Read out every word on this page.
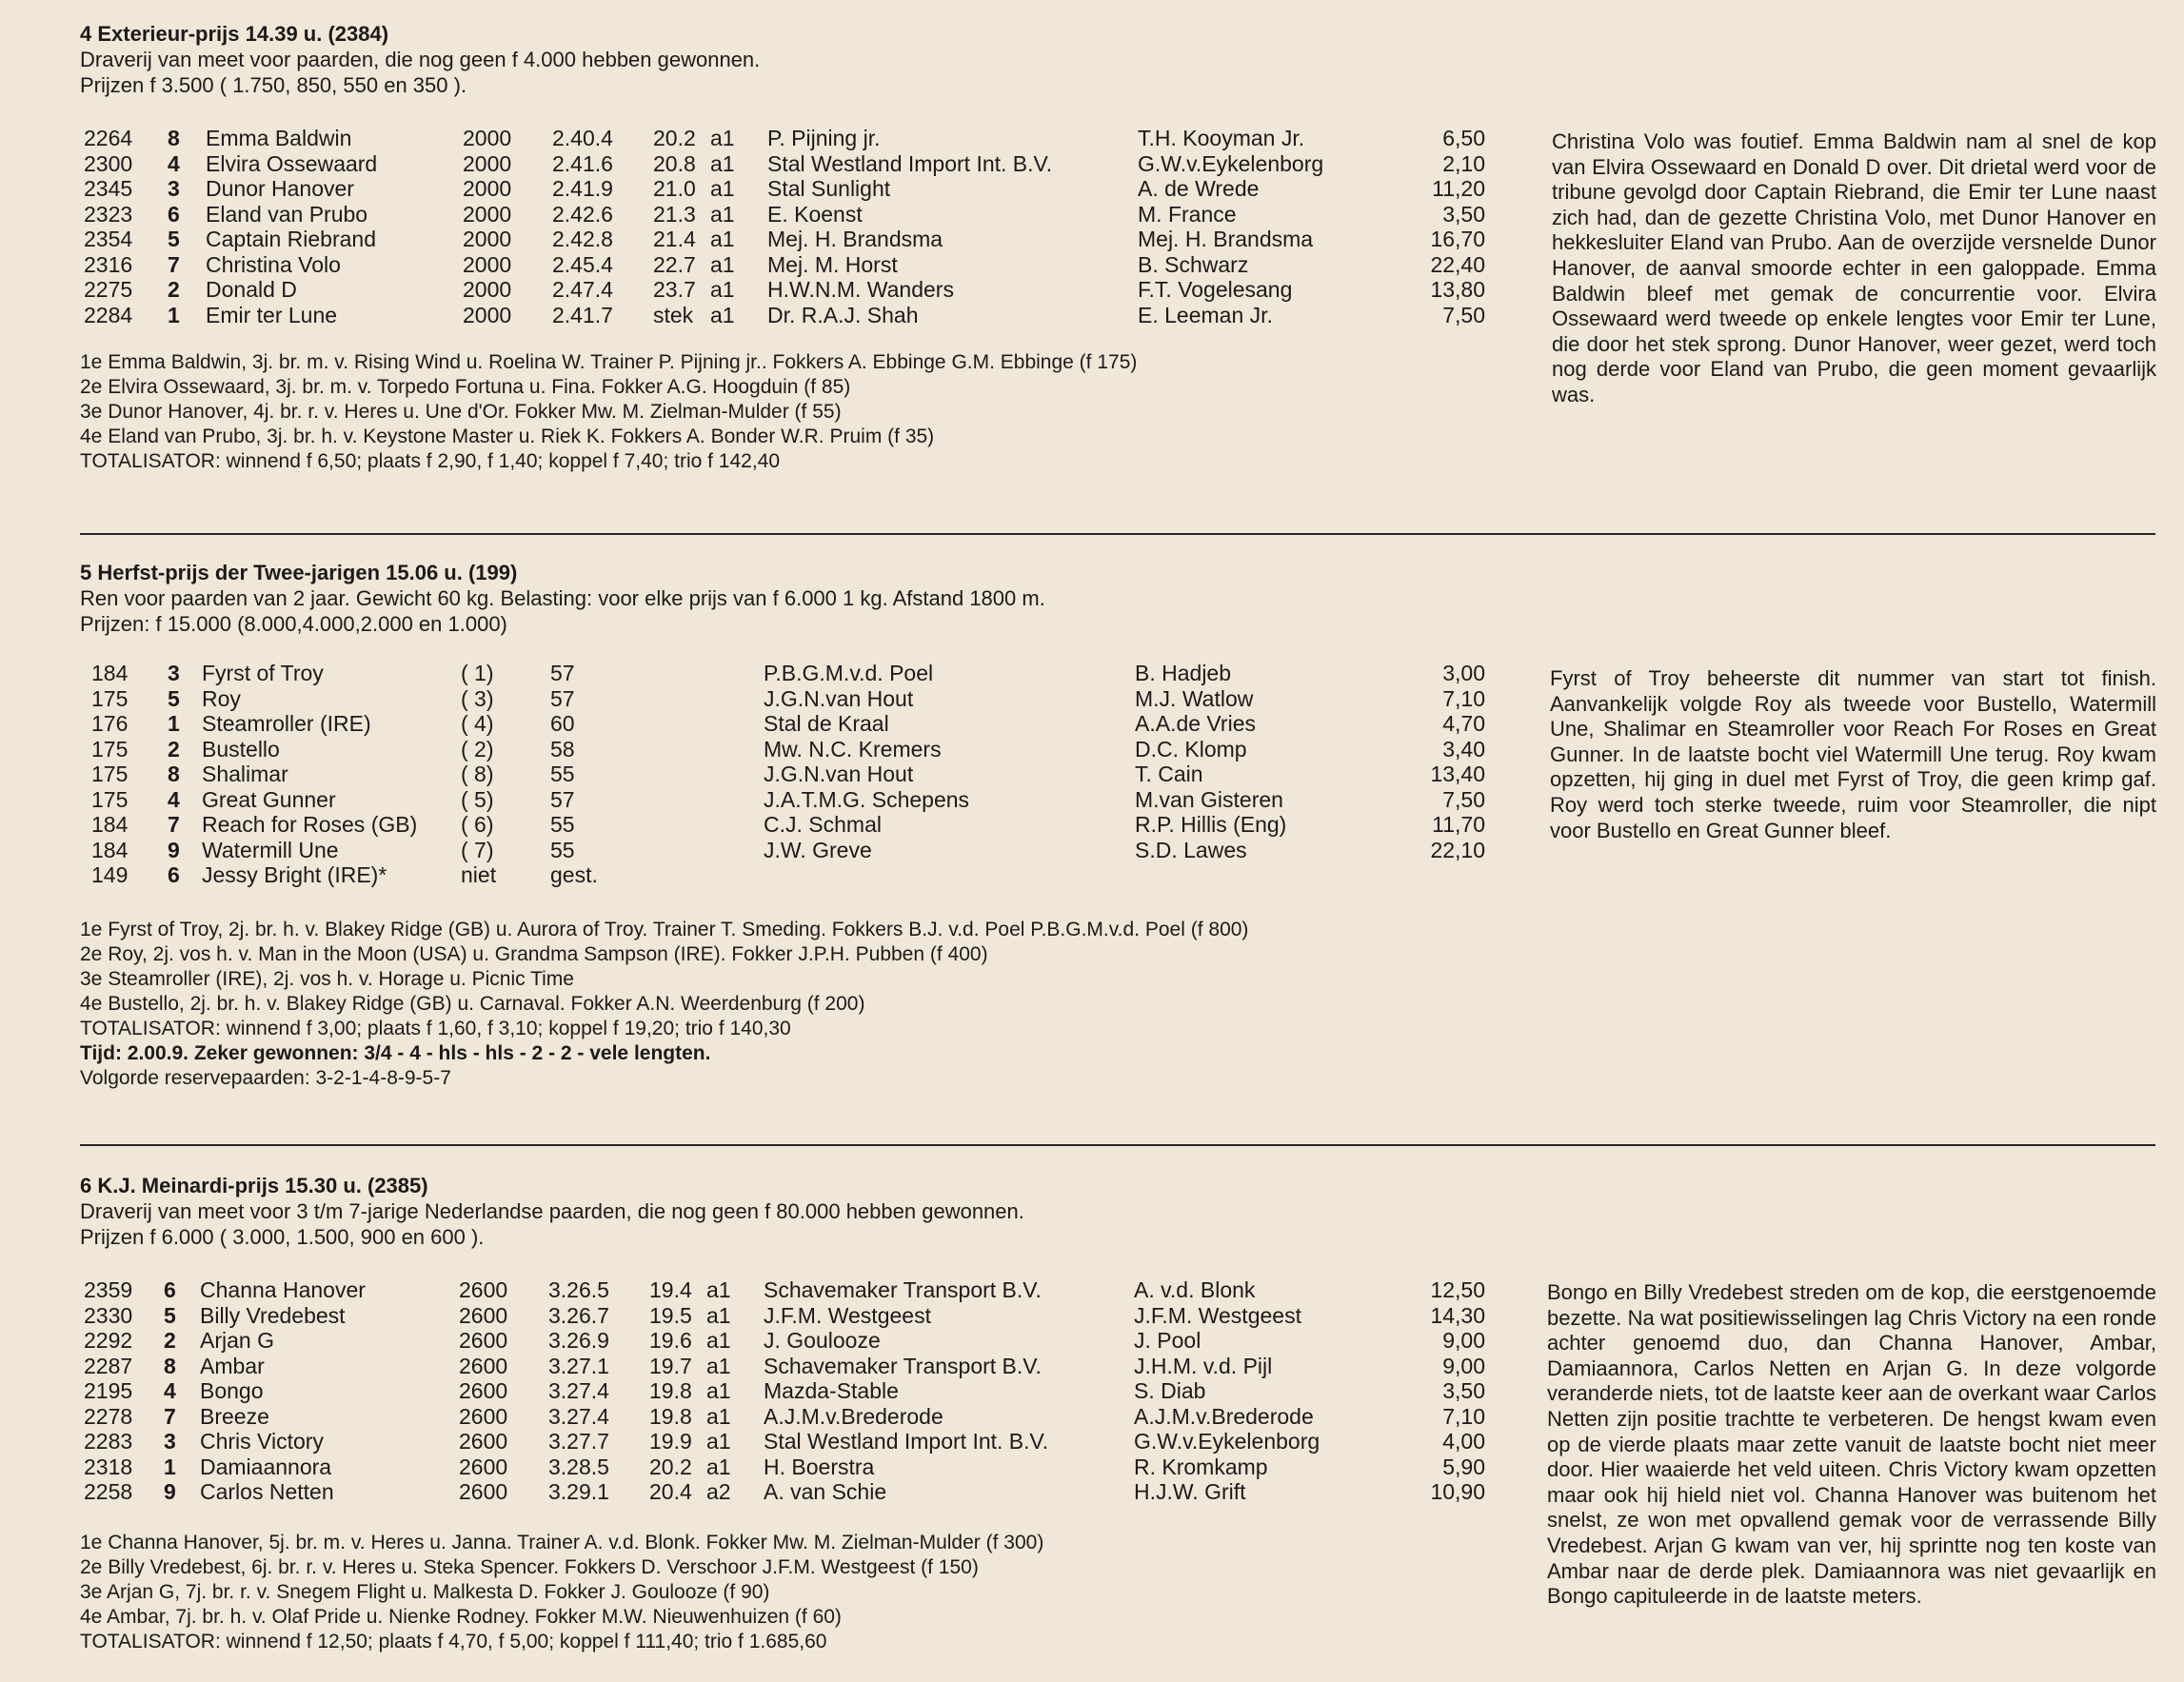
4 Exterieur-prijs 14.39 u. (2384)
Draverij van meet voor paarden, die nog geen f 4.000 hebben gewonnen.
Prijzen f 3.500 ( 1.750, 850, 550 en 350 ).
2264 8 Emma Baldwin	2000 2.40.4 20.2 a1 P. Pijning jr.	T.H. Kooyman Jr.	6,50
2300 4 Elvira Ossewaard	2000 2.41.6 20.8 a1 Stal Westland Import Int. B.V.	G.W.v.Eykelenborg	2,10
2345 3 Dunor Hanover	2000 2.41.9 21.0 a1 Stal Sunlight	A. de Wrede	11,20
2323 6 Eland van Prubo	2000 2.42.6 21.3 a1 E. Koenst	M. France	3,50
2354 5 Captain Riebrand	2000 2.42.8 21.4 a1 Mej. H. Brandsma	Mej. H. Brandsma	16,70
2316 7 Christina Volo	2000 2.45.4 22.7 a1 Mej. M. Horst	B. Schwarz	22,40
2275 2 Donald D	2000 2.47.4 23.7 a1 H.W.N.M. Wanders	F.T. Vogelesang	13,80
2284 1 Emir ter Lune	2000 2.41.7 stek a1 Dr. R.A.J. Shah	E. Leeman Jr.	7,50
1e Emma Baldwin, 3j. br. m. v. Rising Wind u. Roelina W. Trainer P. Pijning jr.. Fokkers A. Ebbinge G.M. Ebbinge (f 175)
2e Elvira Ossewaard, 3j. br. m. v. Torpedo Fortuna u. Fina. Fokker A.G. Hoogduin (f 85)
3e Dunor Hanover, 4j. br. r. v. Heres u. Une d'Or. Fokker Mw. M. Zielman-Mulder (f 55)
4e Eland van Prubo, 3j. br. h. v. Keystone Master u. Riek K. Fokkers A. Bonder W.R. Pruim (f 35)
TOTALISATOR: winnend f 6,50; plaats f 2,90, f 1,40; koppel f 7,40; trio f 142,40
Christina Volo was foutief. Emma Baldwin nam al snel de kop van Elvira Ossewaard en Donald D over. Dit drietal werd voor de tribune gevolgd door Captain Riebrand, die Emir ter Lune naast zich had, dan de gezette Christina Volo, met Dunor Hanover en hekkesluiter Eland van Prubo. Aan de overzijde versnelde Dunor Hanover, de aanval smoorde echter in een galoppade. Emma Baldwin bleef met gemak de concurrentie voor. Elvira Ossewaard werd tweede op enkele lengtes voor Emir ter Lune, die door het stek sprong. Dunor Hanover, weer gezet, werd toch nog derde voor Eland van Prubo, die geen moment gevaarlijk was.
5 Herfst-prijs der Twee-jarigen 15.06 u. (199)
Ren voor paarden van 2 jaar. Gewicht 60 kg. Belasting: voor elke prijs van f 6.000 1 kg. Afstand 1800 m.
Prijzen: f 15.000 (8.000,4.000,2.000 en 1.000)
184 3 Fyrst of Troy	( 1)	57	P.B.G.M.v.d. Poel	B. Hadjeb	3,00
175 5 Roy	( 3)	57	J.G.N.van Hout	M.J. Watlow	7,10
176 1 Steamroller (IRE)	( 4)	60	Stal de Kraal	A.A.de Vries	4,70
175 2 Bustello	( 2)	58	Mw. N.C. Kremers	D.C. Klomp	3,40
175 8 Shalimar	( 8)	55	J.G.N.van Hout	T. Cain	13,40
175 4 Great Gunner	( 5)	57	J.A.T.M.G. Schepens	M.van Gisteren	7,50
184 7 Reach for Roses (GB) ( 6)	55	C.J. Schmal	R.P. Hillis (Eng)	11,70
184 9 Watermill Une	( 7)	55	J.W. Greve	S.D. Lawes	22,10
149 6 Jessy Bright (IRE)*	niet gest.
1e Fyrst of Troy, 2j. br. h. v. Blakey Ridge (GB) u. Aurora of Troy. Trainer T. Smeding. Fokkers B.J. v.d. Poel P.B.G.M.v.d. Poel (f 800)
2e Roy, 2j. vos h. v. Man in the Moon (USA) u. Grandma Sampson (IRE). Fokker J.P.H. Pubben (f 400)
3e Steamroller (IRE), 2j. vos h. v. Horage u. Picnic Time
4e Bustello, 2j. br. h. v. Blakey Ridge (GB) u. Carnaval. Fokker A.N. Weerdenburg (f 200)
TOTALISATOR: winnend f 3,00; plaats f 1,60, f 3,10; koppel f 19,20; trio f 140,30
Tijd: 2.00.9. Zeker gewonnen: 3/4 - 4 - hls - hls - 2 - 2 - vele lengten.
Volgorde reservepaarden: 3-2-1-4-8-9-5-7
Fyrst of Troy beheerste dit nummer van start tot finish. Aanvankelijk volgde Roy als tweede voor Bustello, Watermill Une, Shalimar en Steamroller voor Reach For Roses en Great Gunner. In de laatste bocht viel Watermill Une terug. Roy kwam opzetten, hij ging in duel met Fyrst of Troy, die geen krimp gaf. Roy werd toch sterke tweede, ruim voor Steamroller, die nipt voor Bustello en Great Gunner bleef.
6 K.J. Meinardi-prijs 15.30 u. (2385)
Draverij van meet voor 3 t/m 7-jarige Nederlandse paarden, die nog geen f 80.000 hebben gewonnen.
Prijzen f 6.000 ( 3.000, 1.500, 900 en 600 ).
2359 6 Channa Hanover	2600 3.26.5 19.4 a1 Schavemaker Transport B.V.	A. v.d. Blonk	12,50
2330 5 Billy Vredebest	2600 3.26.7 19.5 a1 J.F.M. Westgeest	J.F.M. Westgeest	14,30
2292 2 Arjan G	2600 3.26.9 19.6 a1 J. Goulooze	J. Pool	9,00
2287 8 Ambar	2600 3.27.1 19.7 a1 Schavemaker Transport B.V.	J.H.M. v.d. Pijl	9,00
2195 4 Bongo	2600 3.27.4 19.8 a1 Mazda-Stable	S. Diab	3,50
2278 7 Breeze	2600 3.27.4 19.8 a1 A.J.M.v.Brederode	A.J.M.v.Brederode	7,10
2283 3 Chris Victory	2600 3.27.7 19.9 a1 Stal Westland Import Int. B.V.	G.W.v.Eykelenborg	4,00
2318 1 Damiaannora	2600 3.28.5 20.2 a1 H. Boerstra	R. Kromkamp	5,90
2258 9 Carlos Netten	2600 3.29.1 20.4 a2 A. van Schie	H.J.W. Grift	10,90
1e Channa Hanover, 5j. br. m. v. Heres u. Janna. Trainer A. v.d. Blonk. Fokker Mw. M. Zielman-Mulder (f 300)
2e Billy Vredebest, 6j. br. r. v. Heres u. Steka Spencer. Fokkers D. Verschoor J.F.M. Westgeest (f 150)
3e Arjan G, 7j. br. r. v. Snegem Flight u. Malkesta D. Fokker J. Goulooze (f 90)
4e Ambar, 7j. br. h. v. Olaf Pride u. Nienke Rodney. Fokker M.W. Nieuwenhuizen (f 60)
TOTALISATOR: winnend f 12,50; plaats f 4,70, f 5,00; koppel f 111,40; trio f 1.685,60
Bongo en Billy Vredebest streden om de kop, die eerstgenoemde bezette. Na wat positiewisselingen lag Chris Victory na een ronde achter genoemd duo, dan Channa Hanover, Ambar, Damiaannora, Carlos Netten en Arjan G. In deze volgorde veranderde niets, tot de laatste keer aan de overkant waar Carlos Netten zijn positie trachtte te verbeteren. De hengst kwam even op de vierde plaats maar zette vanuit de laatste bocht niet meer door. Hier waaierde het veld uiteen. Chris Victory kwam opzetten maar ook hij hield niet vol. Channa Hanover was buitenom het snelst, ze won met opvallend gemak voor de verrassende Billy Vredebest. Arjan G kwam van ver, hij sprintte nog ten koste van Ambar naar de derde plek. Damiaannora was niet gevaarlijk en Bongo capituleerde in de laatste meters.
